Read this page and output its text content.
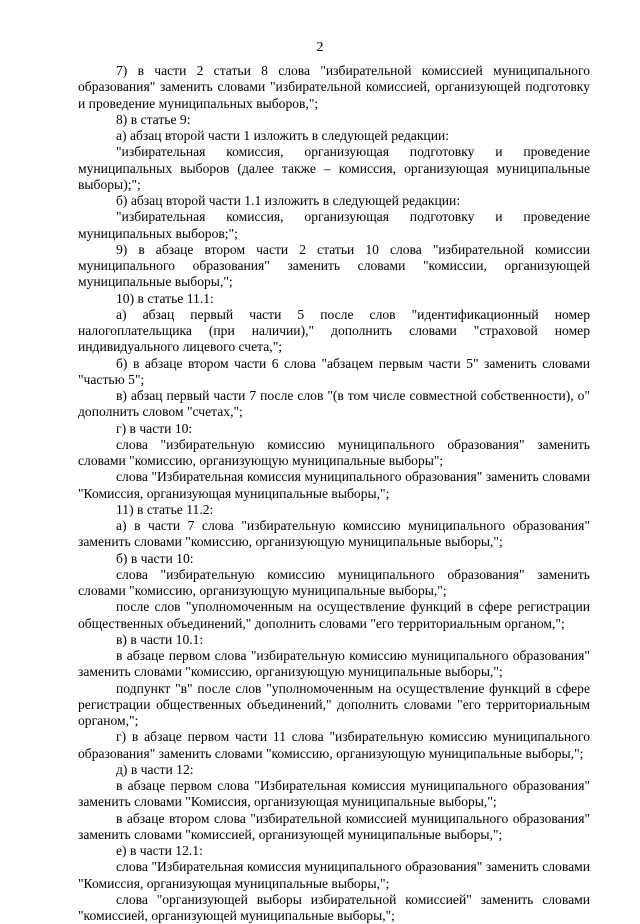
2

7) в части 2 статьи 8 слова "избирательной комиссией муниципального образования" заменить словами "избирательной комиссией, организующей подготовку и проведение муниципальных выборов,";

8) в статье 9:

а) абзац второй части 1 изложить в следующей редакции:

"избирательная комиссия, организующая подготовку и проведение муниципальных выборов (далее также – комиссия, организующая муниципальные выборы);";

б) абзац второй части 1.1 изложить в следующей редакции:

"избирательная комиссия, организующая подготовку и проведение муниципальных выборов;";

9) в абзаце втором части 2 статьи 10 слова "избирательной комиссии муниципального образования" заменить словами "комиссии, организующей муниципальные выборы,";

10) в статье 11.1:

а) абзац первый части 5 после слов "идентификационный номер налогоплательщика (при наличии)," дополнить словами "страховой номер индивидуального лицевого счета,";

б) в абзаце втором части 6 слова "абзацем первым части 5" заменить словами "частью 5";

в) абзац первый части 7 после слов "(в том числе совместной собственности), о" дополнить словом "счетах,";

г) в части 10:

слова "избирательную комиссию муниципального образования" заменить словами "комиссию, организующую муниципальные выборы";

слова "Избирательная комиссия муниципального образования" заменить словами "Комиссия, организующая муниципальные выборы,";

11) в статье 11.2:

а) в части 7 слова "избирательную комиссию муниципального образования" заменить словами "комиссию, организующую муниципальные выборы,";

б) в части 10:

слова "избирательную комиссию муниципального образования" заменить словами "комиссию, организующую муниципальные выборы,";

после слов "уполномоченным на осуществление функций в сфере регистрации общественных объединений," дополнить словами "его территориальным органом,";

в) в части 10.1:

в абзаце первом слова "избирательную комиссию муниципального образования" заменить словами "комиссию, организующую муниципальные выборы,";

подпункт "в" после слов "уполномоченным на осуществление функций в сфере регистрации общественных объединений," дополнить словами "его территориальным органом,";

г) в абзаце первом части 11 слова "избирательную комиссию муниципального образования" заменить словами "комиссию, организующую муниципальные выборы,";

д) в части 12:

в абзаце первом слова "Избирательная комиссия муниципального образования" заменить словами "Комиссия, организующая муниципальные выборы,";

в абзаце втором слова "избирательной комиссией муниципального образования" заменить словами "комиссией, организующей муниципальные выборы,";

е) в части 12.1:

слова "Избирательная комиссия муниципального образования" заменить словами "Комиссия, организующая муниципальные выборы,";

слова "организующей выборы избирательной комиссией" заменить словами "комиссией, организующей муниципальные выборы,";
